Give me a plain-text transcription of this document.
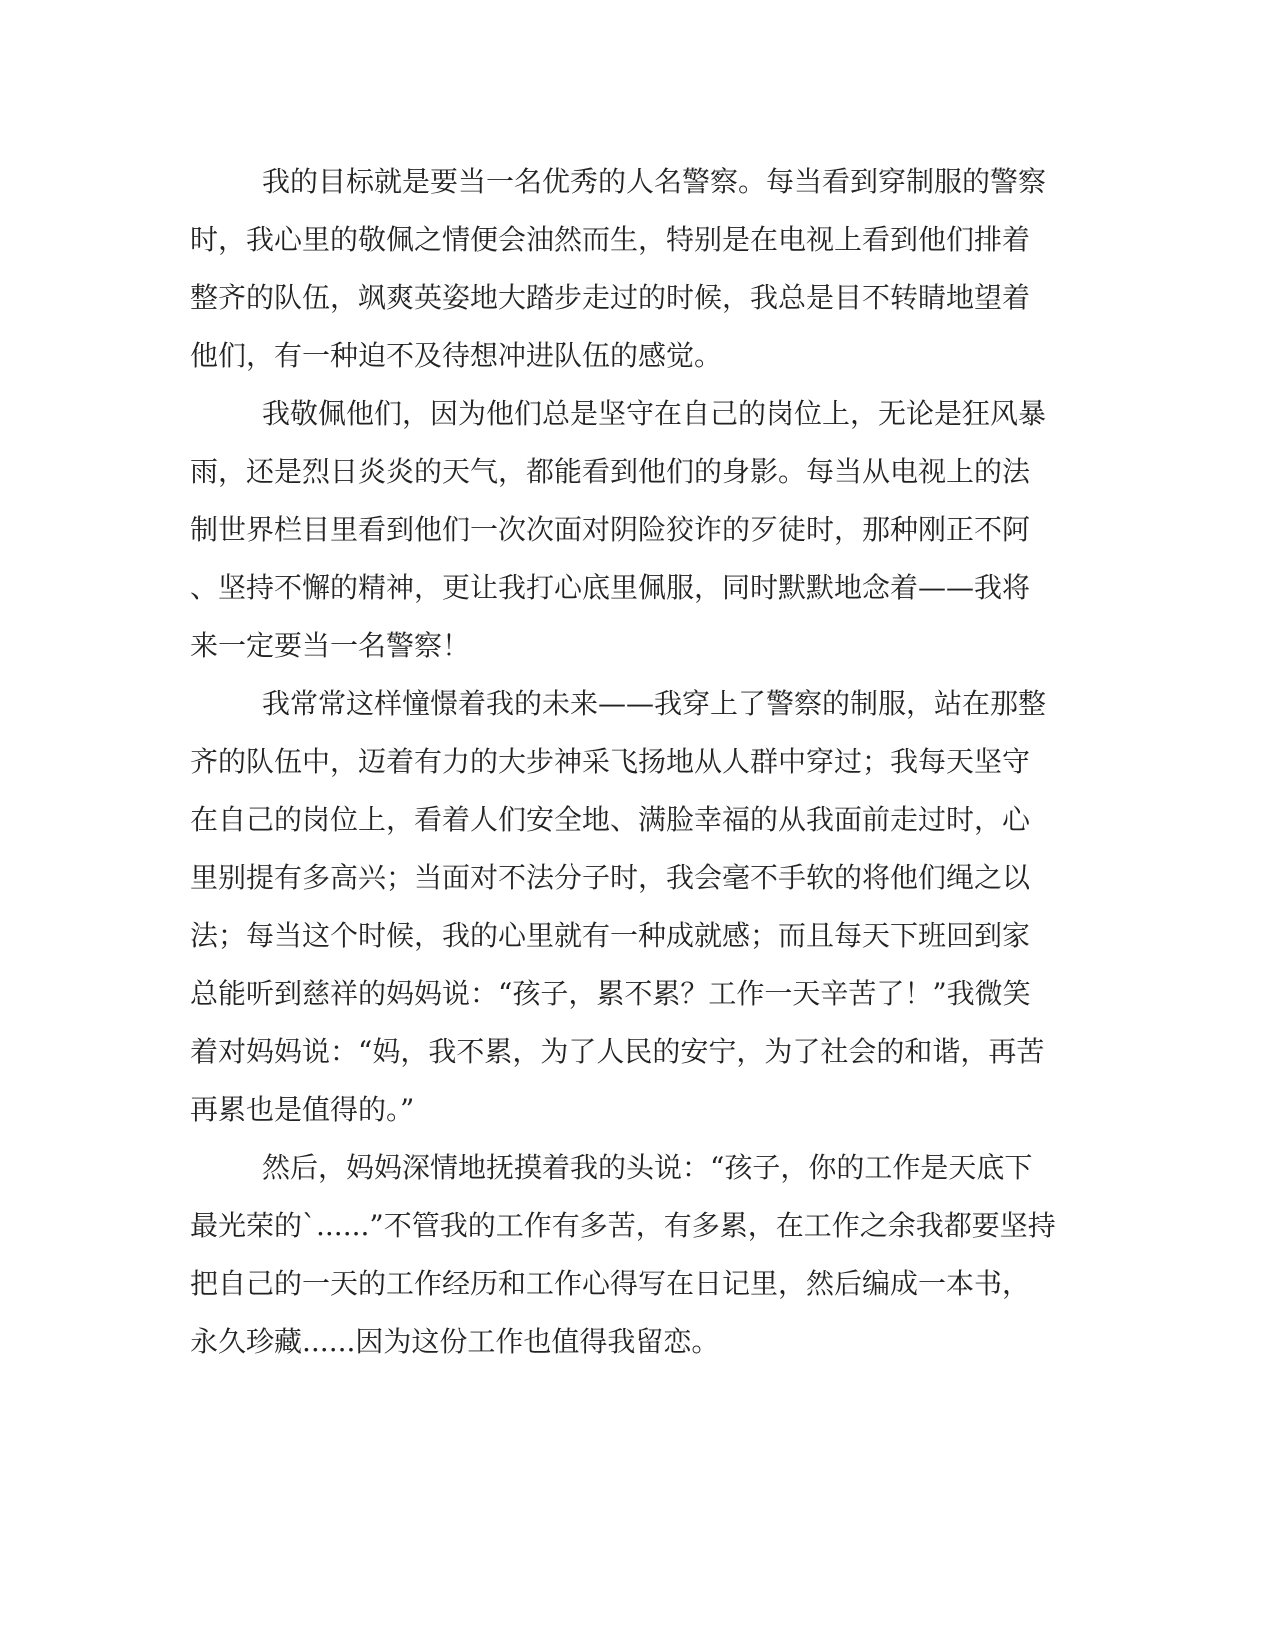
我的目标就是要当一名优秀的人名警察。每当看到穿制服的警察
时，我心里的敬佩之情便会油然而生，特别是在电视上看到他们排着
整齐的队伍，飒爽英姿地大踏步走过的时候，我总是目不转睛地望着
他们，有一种迫不及待想冲进队伍的感觉。
我敬佩他们，因为他们总是坚守在自己的岗位上，无论是狂风暴
雨，还是烈日炎炎的天气，都能看到他们的身影。每当从电视上的法
制世界栏目里看到他们一次次面对阴险狡诈的歹徒时，那种刚正不阿
、坚持不懈的精神，更让我打心底里佩服，同时默默地念着——我将
来一定要当一名警察！
我常常这样憧憬着我的未来——我穿上了警察的制服，站在那整
齐的队伍中，迈着有力的大步神采飞扬地从人群中穿过；我每天坚守
在自己的岗位上，看着人们安全地、满脸幸福的从我面前走过时，心
里别提有多高兴；当面对不法分子时，我会毫不手软的将他们绳之以
法；每当这个时候，我的心里就有一种成就感；而且每天下班回到家
总能听到慈祥的妈妈说：“孩子，累不累？工作一天辛苦了！”我微笑
着对妈妈说：“妈，我不累，为了人民的安宁，为了社会的和谐，再苦
再累也是值得的。”
然后，妈妈深情地抚摸着我的头说：“孩子，你的工作是天底下
最光荣的`......”不管我的工作有多苦，有多累，在工作之余我都要坚持
把自己的一天的工作经历和工作心得写在日记里，然后编成一本书，
永久珍藏......因为这份工作也值得我留恋。
